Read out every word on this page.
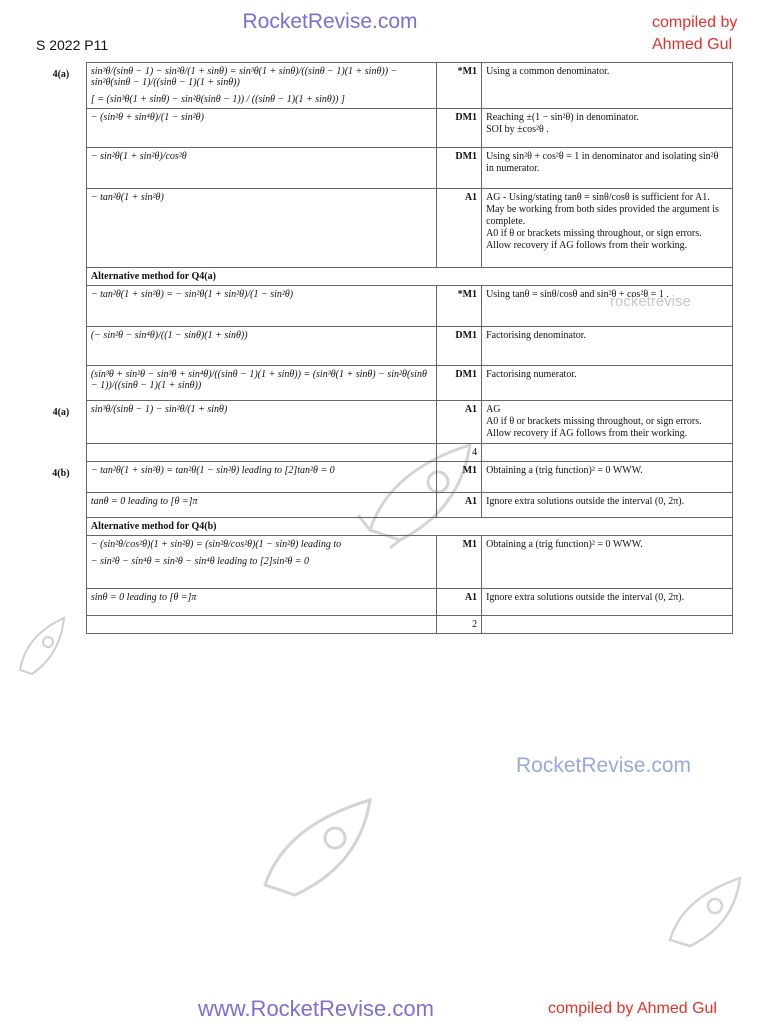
RocketRevise.com	compiled by
Ahmed Gul
S 2022 P11
rocketrevise
4(a)	sin³θ/(sinθ − 1) − sin²θ/(1 + sinθ) = sin³θ(1 + sinθ)/((sinθ − 1)(1 + sinθ)) − sin²θ(sinθ − 1)/((sinθ − 1)(1 + sinθ))
[ = (sin³θ(1 + sinθ) − sin²θ(sinθ − 1)) / ((sinθ − 1)(1 + sinθ)) ]	*M1	Using a common denominator.

	− (sin²θ + sin⁴θ)/(1 − sin²θ)	DM1	Reaching ±(1 − sin²θ) in denominator.

SOI by ±cos²θ .

	− sin²θ(1 + sin²θ)/cos²θ	DM1	Using sin²θ + cos²θ = 1 in denominator and isolating sin²θ in numerator.

	− tan²θ(1 + sin²θ)	A1	AG - Using/stating tanθ = sinθ/cosθ is sufficient for A1.

May be working from both sides provided the argument is complete.

A0 if θ or brackets missing throughout, or sign errors.

Allow recovery if AG follows from their working.

	Alternative method for Q4(a)		
	− tan²θ(1 + sin²θ) = − sin²θ(1 + sin²θ)/(1 − sin²θ)	*M1	Using tanθ = sinθ/cosθ and sin²θ + cos²θ = 1 .

	(− sin²θ − sin⁴θ)/((1 − sinθ)(1 + sinθ))	DM1	Factorising denominator.

	(sin³θ + sin²θ − sin³θ + sin⁴θ)/((sinθ − 1)(1 + sinθ)) = (sin³θ(1 + sinθ) − sin²θ(sinθ − 1))/((sinθ − 1)(1 + sinθ))	DM1	Factorising numerator.

4(a)	sin³θ/(sinθ − 1) − sin²θ/(1 + sinθ)	A1	AG

A0 if θ or brackets missing throughout, or sign errors.

Allow recovery if AG follows from their working.

		4	
4(b)	− tan²θ(1 + sin²θ) = tan²θ(1 − sin²θ) leading to [2]tan²θ = 0	M1	Obtaining a (trig function)² = 0 WWW.

	tanθ = 0 leading to [θ =]π	A1	Ignore extra solutions outside the interval (0, 2π).

	Alternative method for Q4(b)		

	− (sin²θ/cos²θ)(1 + sin²θ) = (sin²θ/cos²θ)(1 − sin²θ) leading to
− sin²θ − sin⁴θ = sin²θ − sin⁴θ leading to [2]sin²θ = 0	M1	Obtaining a (trig function)² = 0 WWW.

	sinθ = 0 leading to [θ =]π	A1	Ignore extra solutions outside the interval (0, 2π).

		2	
RocketRevise.com
www.RocketRevise.com	compiled by Ahmed Gul
